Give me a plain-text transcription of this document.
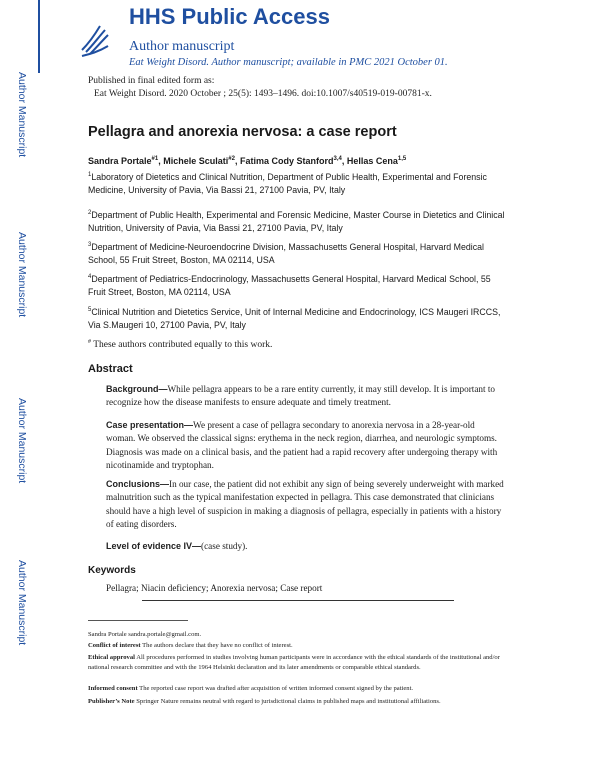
Author Manuscript
Author Manuscript
Author Manuscript
Author Manuscript
HHS Public Access
Author manuscript
Eat Weight Disord. Author manuscript; available in PMC 2021 October 01.
Published in final edited form as:
Eat Weight Disord. 2020 October ; 25(5): 1493–1496. doi:10.1007/s40519-019-00781-x.
Pellagra and anorexia nervosa: a case report
Sandra Portale$^{\#1}$, Michele Sculati$^{\#2}$, Fatima Cody Stanford$^{3,4}$, Hellas Cena$^{1,5}$
$^1$Laboratory of Dietetics and Clinical Nutrition, Department of Public Health, Experimental and Forensic Medicine, University of Pavia, Via Bassi 21, 27100 Pavia, PV, Italy
$^2$Department of Public Health, Experimental and Forensic Medicine, Master Course in Dietetics and Clinical Nutrition, University of Pavia, Via Bassi 21, 27100 Pavia, PV, Italy
$^3$Department of Medicine-Neuroendocrine Division, Massachusetts General Hospital, Harvard Medical School, 55 Fruit Street, Boston, MA 02114, USA
$^4$Department of Pediatrics-Endocrinology, Massachusetts General Hospital, Harvard Medical School, 55 Fruit Street, Boston, MA 02114, USA
$^5$Clinical Nutrition and Dietetics Service, Unit of Internal Medicine and Endocrinology, ICS Maugeri IRCCS, Via S.Maugeri 10, 27100 Pavia, PV, Italy
# These authors contributed equally to this work.
Abstract
Background—While pellagra appears to be a rare entity currently, it may still develop. It is important to recognize how the disease manifests to ensure adequate and timely treatment.
Case presentation—We present a case of pellagra secondary to anorexia nervosa in a 28-year-old woman. We observed the classical signs: erythema in the neck region, diarrhea, and neurologic symptoms. Diagnosis was made on a clinical basis, and the patient had a rapid recovery after undergoing therapy with nicotinamide and tryptophan.
Conclusions—In our case, the patient did not exhibit any sign of being severely underweight with marked malnutrition such as the typical manifestation expected in pellagra. This case demonstrated that clinicians should have a high level of suspicion in making a diagnosis of pellagra, especially in patients with a history of eating disorders.
Level of evidence IV—(case study).
Keywords
Pellagra; Niacin deficiency; Anorexia nervosa; Case report
Sandra Portale sandra.portale@gmail.com.
Conflict of interest The authors declare that they have no conflict of interest.
Ethical approval All procedures performed in studies involving human participants were in accordance with the ethical standards of the institutional and/or national research committee and with the 1964 Helsinki declaration and its later amendments or comparable ethical standards.
Informed consent The reported case report was drafted after acquisition of written informed consent signed by the patient.
Publisher’s Note Springer Nature remains neutral with regard to jurisdictional claims in published maps and institutional affiliations.
